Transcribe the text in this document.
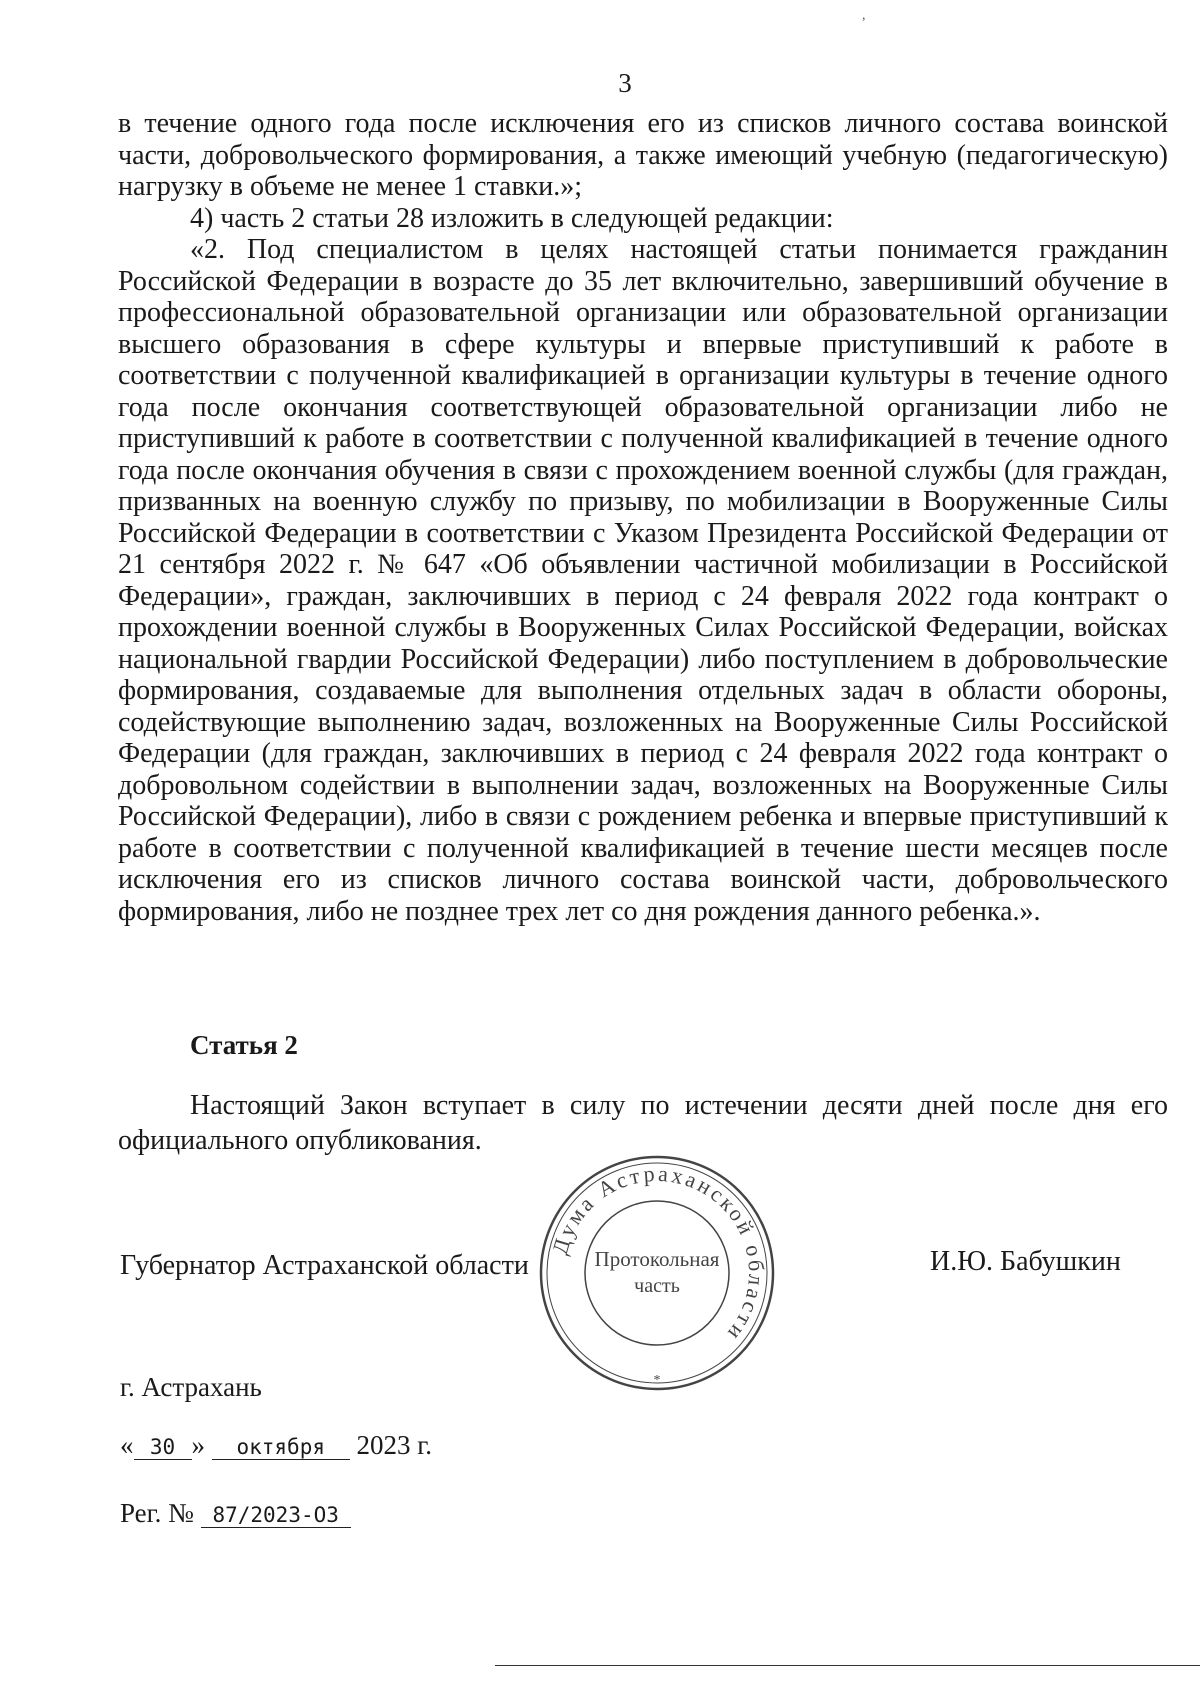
,
3

в течение одного года после исключения его из списков личного состава воинской части, добровольческого формирования, а также имеющий учебную (педагогическую) нагрузку в объеме не менее 1 ставки.»;

4) часть 2 статьи 28 изложить в следующей редакции:

«2. Под специалистом в целях настоящей статьи понимается гражданин Российской Федерации в возрасте до 35 лет включительно, завершивший обучение в профессиональной образовательной организации или образовательной организации высшего образования в сфере культуры и впервые приступивший к работе в соответствии с полученной квалификацией в организации культуры в течение одного года после окончания соответствующей образовательной организации либо не приступивший к работе в соответствии с полученной квалификацией в течение одного года после окончания обучения в связи с прохождением военной службы (для граждан, призванных на военную службу по призыву, по мобилизации в Вооруженные Силы Российской Федерации в соответствии с Указом Президента Российской Федерации от 21 сентября 2022 г. № 647 «Об объявлении частичной мобилизации в Российской Федерации», граждан, заключивших в период с 24 февраля 2022 года контракт о прохождении военной службы в Вооруженных Силах Российской Федерации, войсках национальной гвардии Российской Федерации) либо поступлением в добровольческие формирования, создаваемые для выполнения отдельных задач в области обороны, содействующие выполнению задач, возложенных на Вооруженные Силы Российской Федерации (для граждан, заключивших в период с 24 февраля 2022 года контракт о добровольном содействии в выполнении задач, возложенных на Вооруженные Силы Российской Федерации), либо в связи с рождением ребенка и впервые приступивший к работе в соответствии с полученной квалификацией в течение шести месяцев после исключения его из списков личного состава воинской части, добровольческого формирования, либо не позднее трех лет со дня рождения данного ребенка.».

Статья 2

Настоящий Закон вступает в силу по истечении десяти дней после дня его официального опубликования.

Губернатор Астраханской области
Дума Астраханской области
Протокольная
часть
*
И.Ю. Бабушкин
г. Астрахань
« 30 » октября 2023 г.
Рег. № 87/2023-ОЗ
